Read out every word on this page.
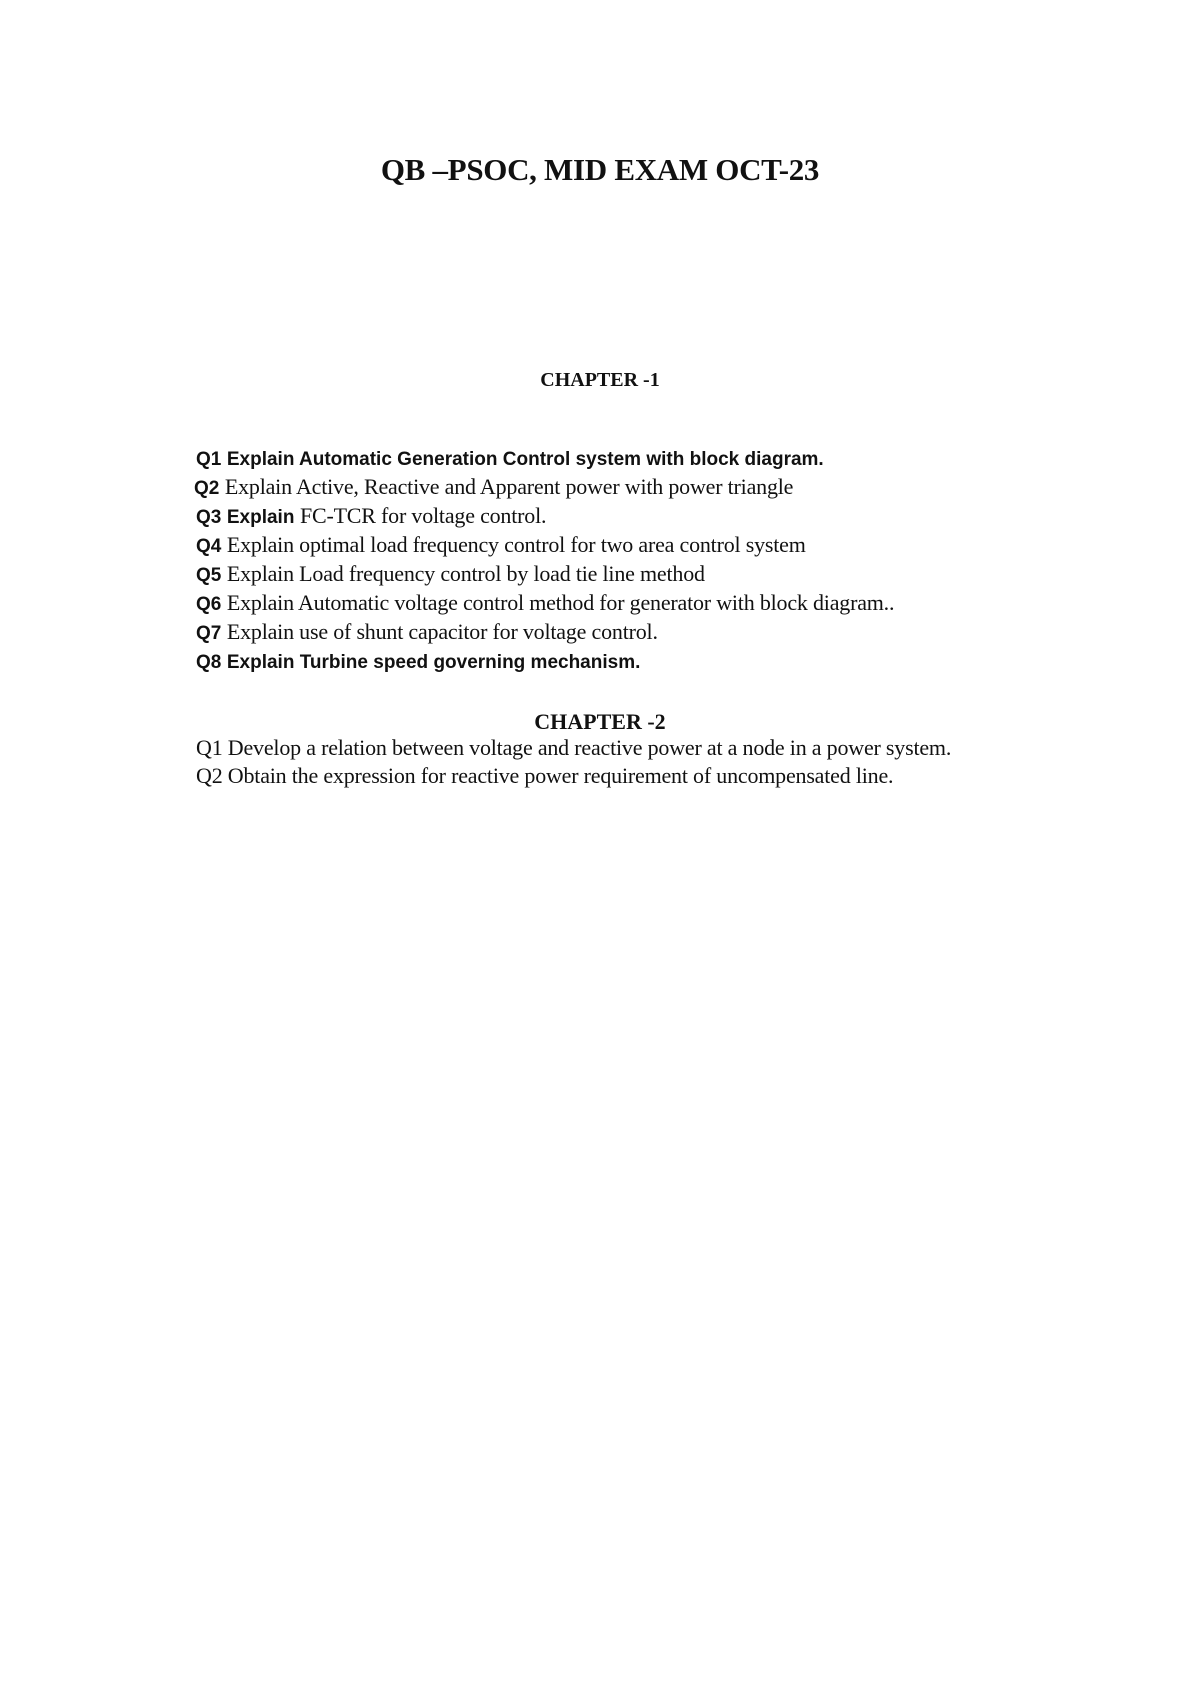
QB –PSOC, MID EXAM OCT-23
CHAPTER -1
Q1 Explain Automatic Generation Control system with block diagram.
Q2 Explain Active, Reactive and Apparent power with power triangle
Q3 Explain FC-TCR for voltage control.
Q4 Explain optimal load frequency control for two area control system
Q5 Explain Load frequency control by load tie line method
Q6 Explain Automatic voltage control method for generator with block diagram..
Q7 Explain use of shunt capacitor for voltage control.
Q8 Explain Turbine speed governing mechanism.
CHAPTER -2
Q1 Develop a relation between voltage and reactive power at a node in a power system.
Q2 Obtain the expression for reactive power requirement of uncompensated line.
